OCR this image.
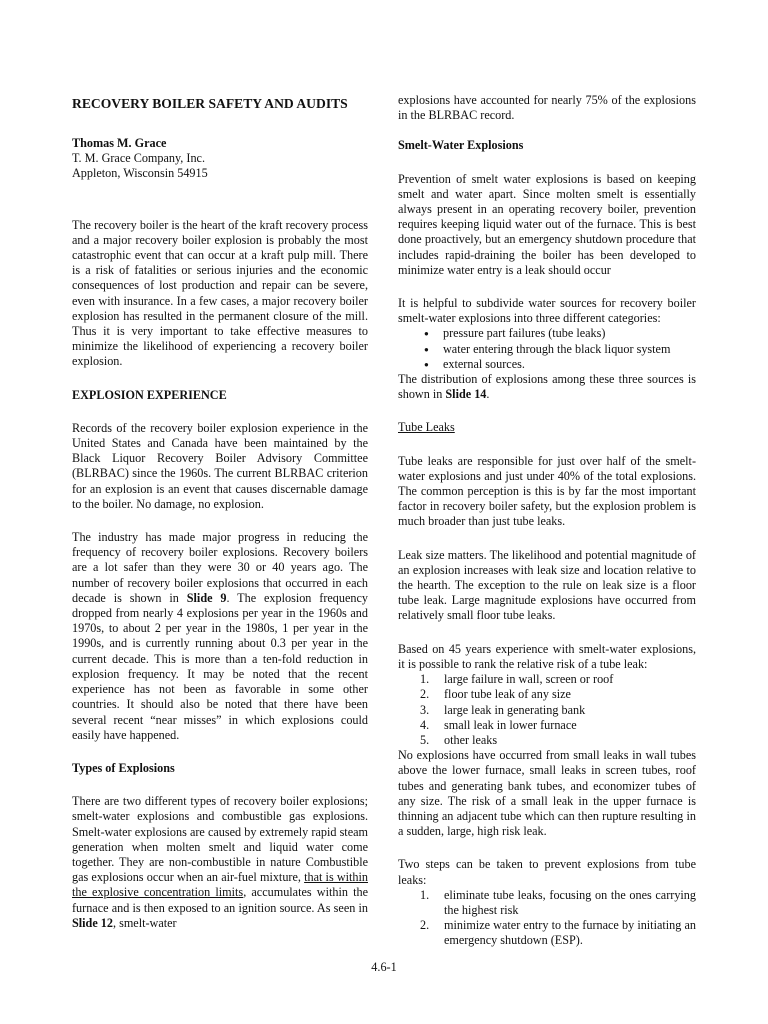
RECOVERY BOILER SAFETY AND AUDITS

Thomas M. Grace

T. M. Grace Company, Inc.

Appleton, Wisconsin 54915

The recovery boiler is the heart of the kraft recovery process and a major recovery boiler explosion is probably the most catastrophic event that can occur at a kraft pulp mill. There is a risk of fatalities or serious injuries and the economic consequences of lost production and repair can be severe, even with insurance. In a few cases, a major recovery boiler explosion has resulted in the permanent closure of the mill. Thus it is very important to take effective measures to minimize the likelihood of experiencing a recovery boiler explosion.

EXPLOSION EXPERIENCE

Records of the recovery boiler explosion experience in the United States and Canada have been maintained by the Black Liquor Recovery Boiler Advisory Committee (BLRBAC) since the 1960s. The current BLRBAC criterion for an explosion is an event that causes discernable damage to the boiler. No damage, no explosion.

The industry has made major progress in reducing the frequency of recovery boiler explosions. Recovery boilers are a lot safer than they were 30 or 40 years ago. The number of recovery boiler explosions that occurred in each decade is shown in Slide 9. The explosion frequency dropped from nearly 4 explosions per year in the 1960s and 1970s, to about 2 per year in the 1980s, 1 per year in the 1990s, and is currently running about 0.3 per year in the current decade. This is more than a ten-fold reduction in explosion frequency. It may be noted that the recent experience has not been as favorable in some other countries. It should also be noted that there have been several recent “near misses” in which explosions could easily have happened.

Types of Explosions

There are two different types of recovery boiler explosions; smelt-water explosions and combustible gas explosions. Smelt-water explosions are caused by extremely rapid steam generation when molten smelt and liquid water come together. They are non-combustible in nature Combustible gas explosions occur when an air-fuel mixture, that is within the explosive concentration limits, accumulates within the furnace and is then exposed to an ignition source. As seen in Slide 12, smelt-water

explosions have accounted for nearly 75% of the explosions in the BLRBAC record.

Smelt-Water Explosions

Prevention of smelt water explosions is based on keeping smelt and water apart. Since molten smelt is essentially always present in an operating recovery boiler, prevention requires keeping liquid water out of the furnace. This is best done proactively, but an emergency shutdown procedure that includes rapid-draining the boiler has been developed to minimize water entry is a leak should occur

It is helpful to subdivide water sources for recovery boiler smelt-water explosions into three different categories:

● pressure part failures (tube leaks)
● water entering through the black liquor system
● external sources.

The distribution of explosions among these three sources is shown in Slide 14.

Tube Leaks

Tube leaks are responsible for just over half of the smelt-water explosions and just under 40% of the total explosions. The common perception is this is by far the most important factor in recovery boiler safety, but the explosion problem is much broader than just tube leaks.

Leak size matters. The likelihood and potential magnitude of an explosion increases with leak size and location relative to the hearth. The exception to the rule on leak size is a floor tube leak. Large magnitude explosions have occurred from relatively small floor tube leaks.

Based on 45 years experience with smelt-water explosions, it is possible to rank the relative risk of a tube leak:

1. large failure in wall, screen or roof
2. floor tube leak of any size
3. large leak in generating bank
4. small leak in lower furnace
5. other leaks

No explosions have occurred from small leaks in wall tubes above the lower furnace, small leaks in screen tubes, roof tubes and generating bank tubes, and economizer tubes of any size. The risk of a small leak in the upper furnace is thinning an adjacent tube which can then rupture resulting in a sudden, large, high risk leak.

Two steps can be taken to prevent explosions from tube leaks:

1. eliminate tube leaks, focusing on the ones carrying the highest risk
2. minimize water entry to the furnace by initiating an emergency shutdown (ESP).
4.6-1
